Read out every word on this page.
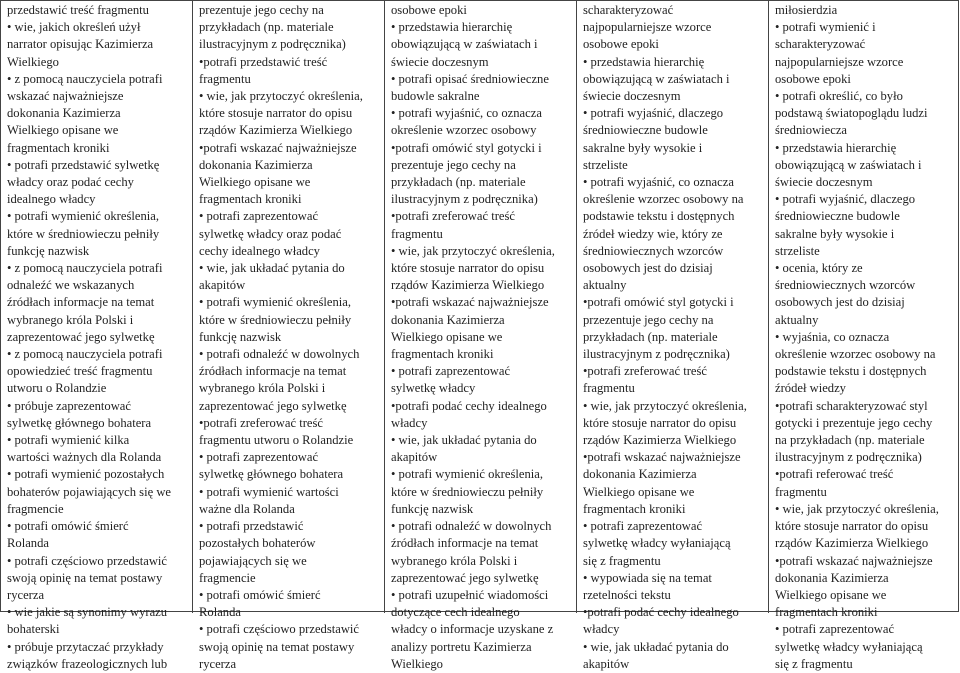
przedstawić treść fragmentu
• wie, jakich określeń użył
narrator opisując Kazimierza
Wielkiego
• z pomocą nauczyciela potrafi
wskazać najważniejsze
dokonania Kazimierza
Wielkiego opisane we
fragmentach kroniki
• potrafi przedstawić sylwetkę
władcy oraz podać cechy
idealnego władcy
• potrafi wymienić określenia,
które w średniowieczu pełniły
funkcję nazwisk
• z pomocą nauczyciela potrafi
odnaleźć we wskazanych
źródłach informacje na temat
wybranego króla Polski i
zaprezentować jego sylwetkę
• z pomocą nauczyciela potrafi
opowiedzieć treść fragmentu
utworu o Rolandzie
• próbuje zaprezentować
sylwetkę głównego bohatera
• potrafi wymienić kilka
wartości ważnych dla Rolanda
• potrafi wymienić pozostałych
bohaterów pojawiających się we
fragmencie
• potrafi omówić śmierć
Rolanda
• potrafi częściowo przedstawić
swoją opinię na temat postawy
rycerza
• wie jakie są synonimy wyrazu
bohaterski
• próbuje przytaczać przykłady
związków frazeologicznych lub
prezentuje jego cechy na
przykładach (np. materiale
ilustracyjnym z podręcznika)
•potrafi przedstawić treść
fragmentu
• wie, jak przytoczyć określenia,
które stosuje narrator do opisu
rządów Kazimierza Wielkiego
•potrafi wskazać najważniejsze
dokonania Kazimierza
Wielkiego opisane we
fragmentach kroniki
• potrafi zaprezentować
sylwetkę władcy oraz podać
cechy idealnego władcy
• wie, jak układać pytania do
akapitów
• potrafi wymienić określenia,
które w średniowieczu pełniły
funkcję nazwisk
• potrafi odnaleźć w dowolnych
źródłach informacje na temat
wybranego króla Polski i
zaprezentować jego sylwetkę
•potrafi zreferować treść
fragmentu utworu o Rolandzie
• potrafi zaprezentować
sylwetkę głównego bohatera
• potrafi wymienić wartości
ważne dla Rolanda
• potrafi przedstawić
pozostałych bohaterów
pojawiających się we
fragmencie
• potrafi omówić śmierć
Rolanda
• potrafi częściowo przedstawić
swoją opinię na temat postawy
rycerza
osobowe epoki
• przedstawia hierarchię
obowiązującą w zaświatach i
świecie doczesnym
• potrafi opisać średniowieczne
budowle sakralne
• potrafi wyjaśnić, co oznacza
określenie wzorzec osobowy
•potrafi omówić styl gotycki i
prezentuje jego cechy na
przykładach (np. materiale
ilustracyjnym z podręcznika)
•potrafi zreferować treść
fragmentu
• wie, jak przytoczyć określenia,
które stosuje narrator do opisu
rządów Kazimierza Wielkiego
•potrafi wskazać najważniejsze
dokonania Kazimierza
Wielkiego opisane we
fragmentach kroniki
• potrafi zaprezentować
sylwetkę władcy
•potrafi podać cechy idealnego
władcy
• wie, jak układać pytania do
akapitów
• potrafi wymienić określenia,
które w średniowieczu pełniły
funkcję nazwisk
• potrafi odnaleźć w dowolnych
źródłach informacje na temat
wybranego króla Polski i
zaprezentować jego sylwetkę
• potrafi uzupełnić wiadomości
dotyczące cech idealnego
władcy o informacje uzyskane z
analizy portretu Kazimierza
Wielkiego
scharakteryzować
najpopularniejsze wzorce
osobowe epoki
• przedstawia hierarchię
obowiązującą w zaświatach i
świecie doczesnym
• potrafi wyjaśnić, dlaczego
średniowieczne budowle
sakralne były wysokie i
strzeliste
• potrafi wyjaśnić, co oznacza
określenie wzorzec osobowy na
podstawie tekstu i dostępnych
źródeł wiedzy wie, który ze
średniowiecznych wzorców
osobowych jest do dzisiaj
aktualny
•potrafi omówić styl gotycki i
przezentuje jego cechy na
przykładach (np. materiale
ilustracyjnym z podręcznika)
•potrafi zreferować treść
fragmentu
• wie, jak przytoczyć określenia,
które stosuje narrator do opisu
rządów Kazimierza Wielkiego
•potrafi wskazać najważniejsze
dokonania Kazimierza
Wielkiego opisane we
fragmentach kroniki
• potrafi zaprezentować
sylwetkę władcy wyłaniającą
się z fragmentu
• wypowiada się na temat
rzetelności tekstu
•potrafi podać cechy idealnego
władcy
• wie, jak układać pytania do
akapitów
miłosierdzia
• potrafi wymienić i
scharakteryzować
najpopularniejsze wzorce
osobowe epoki
• potrafi określić, co było
podstawą światopoglądu ludzi
średniowiecza
• przedstawia hierarchię
obowiązującą w zaświatach i
świecie doczesnym
• potrafi wyjaśnić, dlaczego
średniowieczne budowle
sakralne były wysokie i
strzeliste
• ocenia, który ze
średniowiecznych wzorców
osobowych jest do dzisiaj
aktualny
• wyjaśnia, co oznacza
określenie wzorzec osobowy na
podstawie tekstu i dostępnych
źródeł wiedzy
•potrafi scharakteryzować styl
gotycki i prezentuje jego cechy
na przykładach (np. materiale
ilustracyjnym z podręcznika)
•potrafi referować treść
fragmentu
• wie, jak przytoczyć określenia,
które stosuje narrator do opisu
rządów Kazimierza Wielkiego
•potrafi wskazać najważniejsze
dokonania Kazimierza
Wielkiego opisane we
fragmentach kroniki
• potrafi zaprezentować
sylwetkę władcy wyłaniającą
się z fragmentu
